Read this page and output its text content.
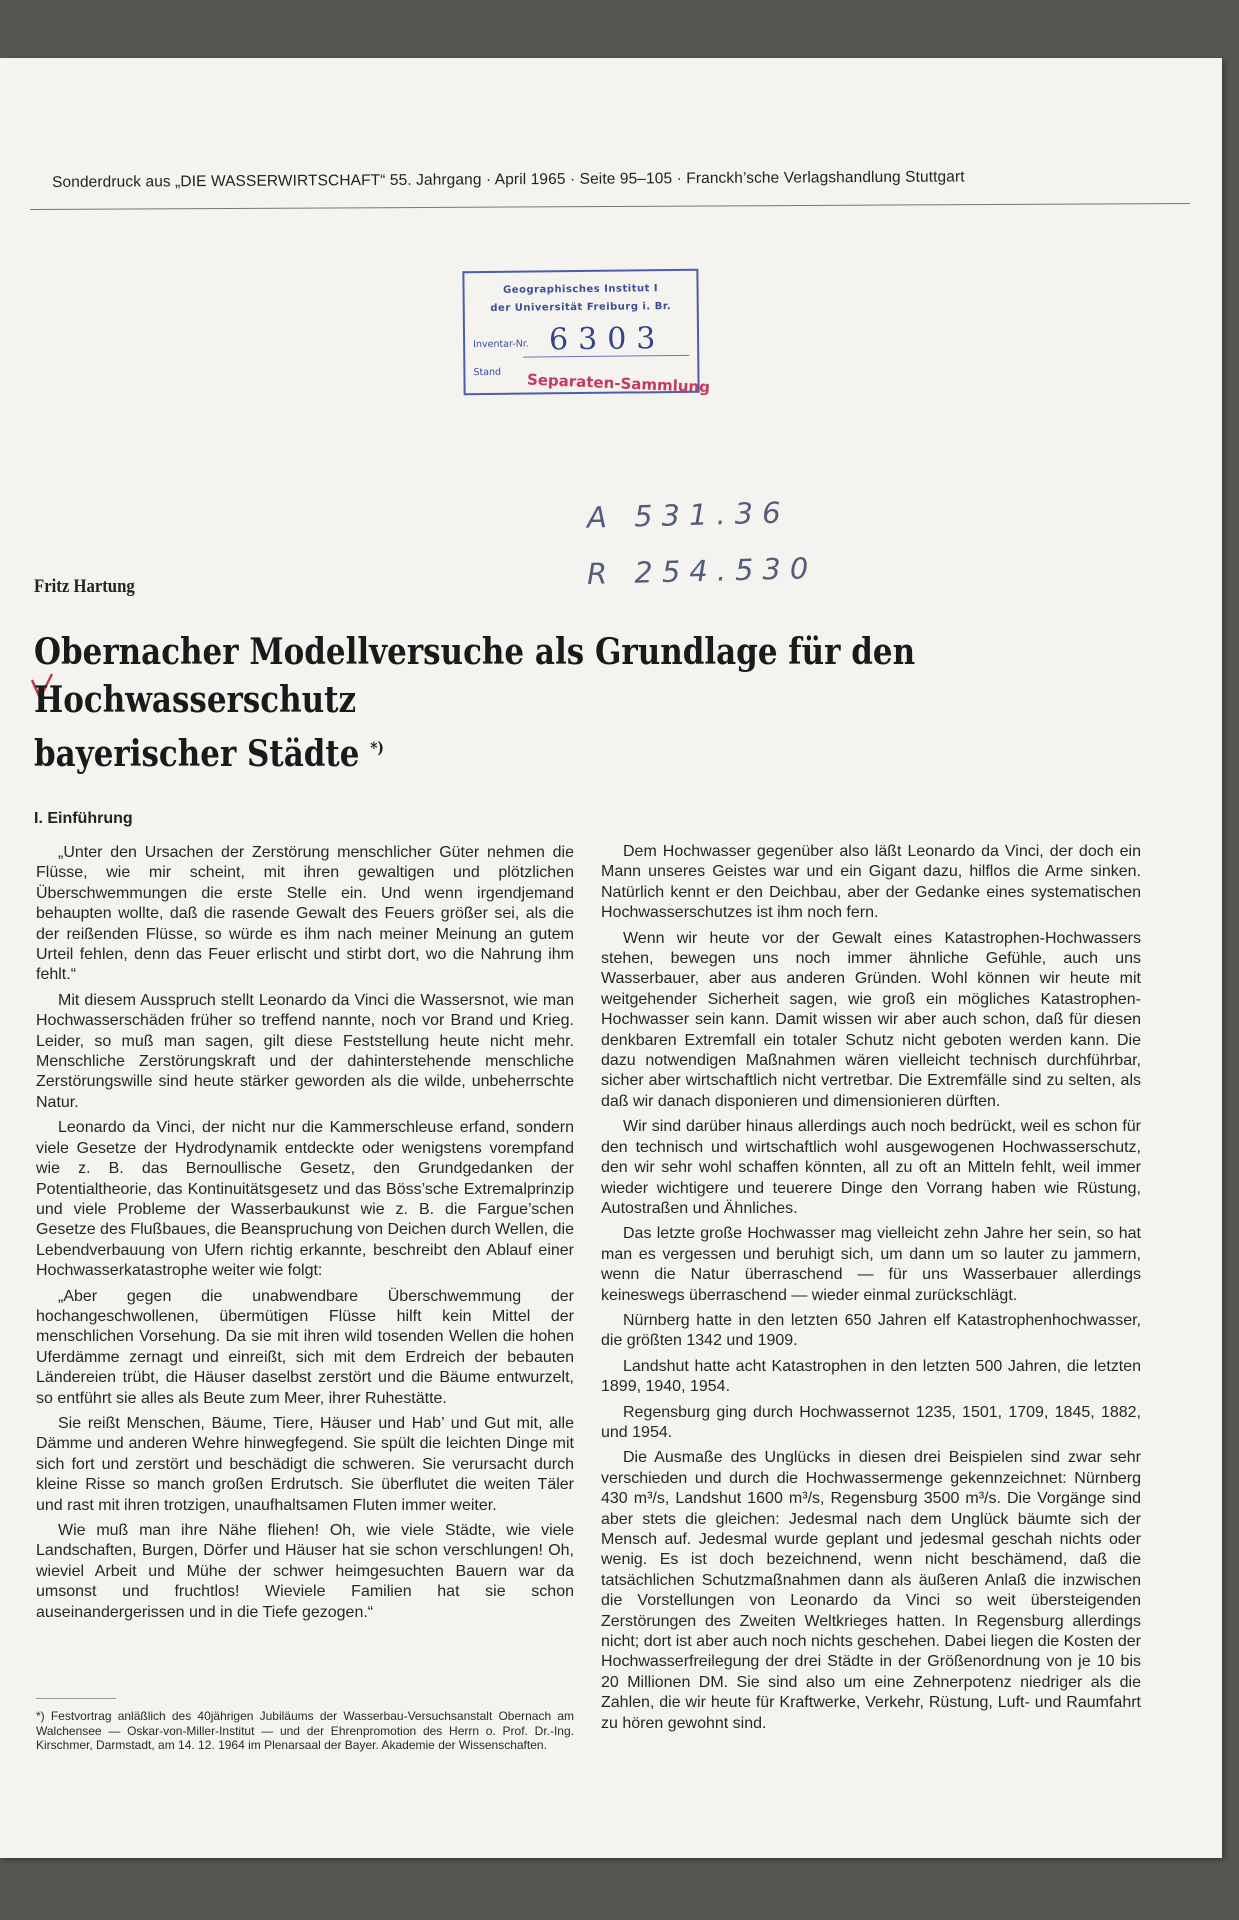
Sonderdruck aus „DIE WASSERWIRTSCHAFT“ 55. Jahrgang · April 1965 · Seite 95–105 · Franckh’sche Verlagshandlung Stuttgart
Geographisches Institut I
der Universität Freiburg i. Br.
Inventar-Nr. 6303
Stand Separaten-Sammlung
A 531.36
R 254.530
Fritz Hartung
Obernacher Modellversuche als Grundlage für den Hochwasserschutz
bayerischer Städte *)
I. Einführung

„Unter den Ursachen der Zerstörung menschlicher Güter nehmen die Flüsse, wie mir scheint, mit ihren gewaltigen und plötzlichen Überschwemmungen die erste Stelle ein. Und wenn irgendjemand behaupten wollte, daß die rasende Gewalt des Feuers größer sei, als die der reißenden Flüsse, so würde es ihm nach meiner Meinung an gutem Urteil fehlen, denn das Feuer erlischt und stirbt dort, wo die Nahrung ihm fehlt.“

Mit diesem Ausspruch stellt Leonardo da Vinci die Wassersnot, wie man Hochwasserschäden früher so treffend nannte, noch vor Brand und Krieg. Leider, so muß man sagen, gilt diese Feststellung heute nicht mehr. Menschliche Zerstörungskraft und der dahinterstehende menschliche Zerstörungswille sind heute stärker geworden als die wilde, unbeherrschte Natur.

Leonardo da Vinci, der nicht nur die Kammerschleuse erfand, sondern viele Gesetze der Hydrodynamik entdeckte oder wenigstens vorempfand wie z. B. das Bernoullische Gesetz, den Grundgedanken der Potentialtheorie, das Kontinuitätsgesetz und das Böss’sche Extremalprinzip und viele Probleme der Wasserbaukunst wie z. B. die Fargue’schen Gesetze des Flußbaues, die Beanspruchung von Deichen durch Wellen, die Lebendverbauung von Ufern richtig erkannte, beschreibt den Ablauf einer Hochwasserkatastrophe weiter wie folgt:

„Aber gegen die unabwendbare Überschwemmung der hochangeschwollenen, übermütigen Flüsse hilft kein Mittel der menschlichen Vorsehung. Da sie mit ihren wild tosenden Wellen die hohen Uferdämme zernagt und einreißt, sich mit dem Erdreich der bebauten Ländereien trübt, die Häuser daselbst zerstört und die Bäume entwurzelt, so entführt sie alles als Beute zum Meer, ihrer Ruhestätte.

Sie reißt Menschen, Bäume, Tiere, Häuser und Hab’ und Gut mit, alle Dämme und anderen Wehre hinwegfegend. Sie spült die leichten Dinge mit sich fort und zerstört und beschädigt die schweren. Sie verursacht durch kleine Risse so manch großen Erdrutsch. Sie überflutet die weiten Täler und rast mit ihren trotzigen, unaufhaltsamen Fluten immer weiter.

Wie muß man ihre Nähe fliehen! Oh, wie viele Städte, wie viele Landschaften, Burgen, Dörfer und Häuser hat sie schon verschlungen! Oh, wieviel Arbeit und Mühe der schwer heimgesuchten Bauern war da umsonst und fruchtlos! Wieviele Familien hat sie schon auseinandergerissen und in die Tiefe gezogen.“

*) Festvortrag anläßlich des 40jährigen Jubiläums der Wasserbau-Versuchsanstalt Obernach am Walchensee — Oskar-von-Miller-Institut — und der Ehrenpromotion des Herrn o. Prof. Dr.-Ing. Kirschmer, Darmstadt, am 14. 12. 1964 im Plenarsaal der Bayer. Akademie der Wissenschaften.

Dem Hochwasser gegenüber also läßt Leonardo da Vinci, der doch ein Mann unseres Geistes war und ein Gigant dazu, hilflos die Arme sinken. Natürlich kennt er den Deichbau, aber der Gedanke eines systematischen Hochwasserschutzes ist ihm noch fern.

Wenn wir heute vor der Gewalt eines Katastrophen-Hochwassers stehen, bewegen uns noch immer ähnliche Gefühle, auch uns Wasserbauer, aber aus anderen Gründen. Wohl können wir heute mit weitgehender Sicherheit sagen, wie groß ein mögliches Katastrophen-Hochwasser sein kann. Damit wissen wir aber auch schon, daß für diesen denkbaren Extremfall ein totaler Schutz nicht geboten werden kann. Die dazu notwendigen Maßnahmen wären vielleicht technisch durchführbar, sicher aber wirtschaftlich nicht vertretbar. Die Extremfälle sind zu selten, als daß wir danach disponieren und dimensionieren dürften.

Wir sind darüber hinaus allerdings auch noch bedrückt, weil es schon für den technisch und wirtschaftlich wohl ausgewogenen Hochwasserschutz, den wir sehr wohl schaffen könnten, all zu oft an Mitteln fehlt, weil immer wieder wichtigere und teuerere Dinge den Vorrang haben wie Rüstung, Autostraßen und Ähnliches.

Das letzte große Hochwasser mag vielleicht zehn Jahre her sein, so hat man es vergessen und beruhigt sich, um dann um so lauter zu jammern, wenn die Natur überraschend — für uns Wasserbauer allerdings keineswegs überraschend — wieder einmal zurückschlägt.

Nürnberg hatte in den letzten 650 Jahren elf Katastrophenhochwasser, die größten 1342 und 1909.

Landshut hatte acht Katastrophen in den letzten 500 Jahren, die letzten 1899, 1940, 1954.

Regensburg ging durch Hochwassernot 1235, 1501, 1709, 1845, 1882, und 1954.

Die Ausmaße des Unglücks in diesen drei Beispielen sind zwar sehr verschieden und durch die Hochwassermenge gekennzeichnet: Nürnberg 430 m³/s, Landshut 1600 m³/s, Regensburg 3500 m³/s. Die Vorgänge sind aber stets die gleichen: Jedesmal nach dem Unglück bäumte sich der Mensch auf. Jedesmal wurde geplant und jedesmal geschah nichts oder wenig. Es ist doch bezeichnend, wenn nicht beschämend, daß die tatsächlichen Schutzmaßnahmen dann als äußeren Anlaß die inzwischen die Vorstellungen von Leonardo da Vinci so weit übersteigenden Zerstörungen des Zweiten Weltkrieges hatten. In Regensburg allerdings nicht; dort ist aber auch noch nichts geschehen. Dabei liegen die Kosten der Hochwasserfreilegung der drei Städte in der Größenordnung von je 10 bis 20 Millionen DM. Sie sind also um eine Zehnerpotenz niedriger als die Zahlen, die wir heute für Kraftwerke, Verkehr, Rüstung, Luft- und Raumfahrt zu hören gewohnt sind.
